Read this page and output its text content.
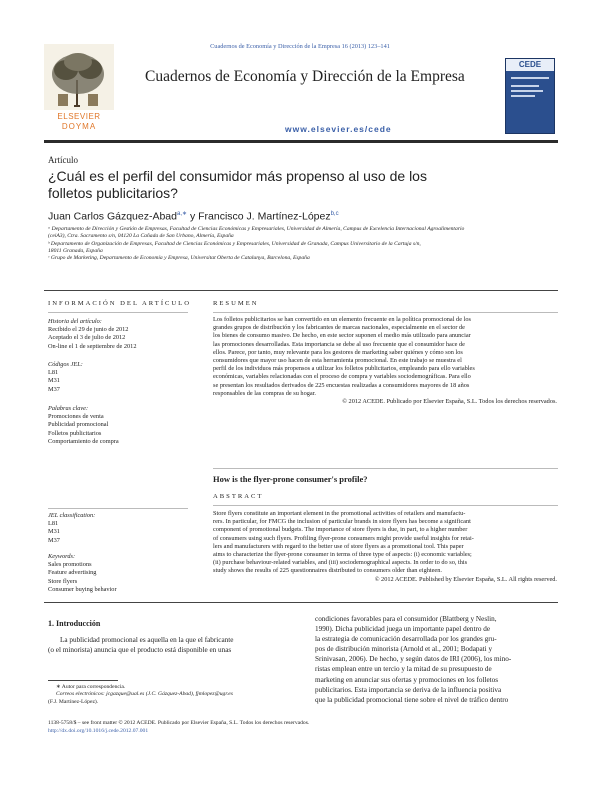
Cuadernos de Economía y Dirección de la Empresa 16 (2013) 123–141
ELSEVIER
DOYMA
Cuadernos de Economía y Dirección de la Empresa
www.elsevier.es/cede
CEDE
Artículo
¿Cuál es el perfil del consumidor más propenso al uso de los
folletos publicitarios?
Juan Carlos Gázquez-Abad$^{a,∗}$ y Francisco J. Martínez-López$^{b,c}$
ᵃ Departamento de Dirección y Gestión de Empresas, Facultad de Ciencias Económicas y Empresariales, Universidad de Almería, Campus de Excelencia Internacional Agroalimentario
(ceiA3), Ctra. Sacramento s/n, 04120 La Cañada de San Urbano, Almería, España
ᵇ Departamento de Organización de Empresas, Facultad de Ciencias Económicas y Empresariales, Universidad de Granada, Campus Universitario de la Cartuja s/n,
18011 Granada, España
ᶜ Grupo de Marketing, Departamento de Economía y Empresa, Universitat Oberta de Catalunya, Barcelona, España
INFORMACIÓN DEL ARTÍCULO
Historia del artículo:
Recibido el 29 de junio de 2012
Aceptado el 3 de julio de 2012
On-line el 1 de septiembre de 2012
Códigos JEL:
L81
M31
M37
Palabras clave:
Promociones de venta
Publicidad promocional
Folletos publicitarios
Comportamiento de compra
RESUMEN
Los folletos publicitarios se han convertido en un elemento frecuente en la política promocional de los
grandes grupos de distribución y los fabricantes de marcas nacionales, especialmente en el sector de
los bienes de consumo masivo. De hecho, en este sector suponen el medio más utilizado para anunciar
las promociones desarrolladas. Esta importancia se debe al uso frecuente que el consumidor hace de
ellos. Parece, por tanto, muy relevante para los gestores de marketing saber quiénes y cómo son los
consumidores que mayor uso hacen de esta herramienta promocional. En este trabajo se muestra el
perfil de los individuos más propensos a utilizar los folletos publicitarios, empleando para ello variables
económicas, variables relacionadas con el proceso de compra y variables sociodemográficas. Para ello
se presentan los resultados derivados de 225 encuestas realizadas a consumidores mayores de 18 años
responsables de las compras de su hogar.
© 2012 ACEDE. Publicado por Elsevier España, S.L. Todos los derechos reservados.
How is the flyer-prone consumer's profile?
ABSTRACT
Store flyers constitute an important element in the promotional activities of retailers and manufactu-
rers. In particular, for FMCG the inclusion of particular brands in store flyers has become a significant
component of promotional budgets. The importance of store flyers is due, in part, to a higher number
of consumers using such flyers. Profiling flyer-prone consumers might provide useful insights for retai-
lers and manufacturers with regard to the better use of store flyers as a promotional tool. This paper
aims to characterize the flyer-prone consumer in terms of three type of aspects: (i) economic variables;
(ii) purchase behaviour-related variables, and (iii) sociodemographical aspects. In order to do so, this
study shows the results of 225 questionnaires distributed to consumers older than eighteen.
© 2012 ACEDE. Published by Elsevier España, S.L. All rights reserved.
JEL classification:
L81
M31
M37
Keywords:
Sales promotions
Feature advertising
Store flyers
Consumer buying behavior
1. Introducción
La publicidad promocional es aquella en la que el fabricante
(o el minorista) anuncia que el producto está disponible en unas
condiciones favorables para el consumidor (Blattberg y Neslin,
1990). Dicha publicidad juega un importante papel dentro de
la estrategia de comunicación desarrollada por los grandes gru-
pos de distribución minorista (Arnold et al., 2001; Bodapati y
Srinivasan, 2006). De hecho, y según datos de IRI (2006), los mino-
ristas emplean entre un tercio y la mitad de su presupuesto de
marketing en anunciar sus ofertas y promociones en los folletos
publicitarios. Esta importancia se deriva de la influencia positiva
que la publicidad promocional tiene sobre el nivel de tráfico dentro
∗ Autor para correspondencia.
Correos electrónicos: jcgazque@ual.es (J.C. Gázquez-Abad), fjmlopez@ugr.es
(F.J. Martínez-López).
1138-5758/$ – see front matter © 2012 ACEDE. Publicado por Elsevier España, S.L. Todos los derechos reservados.
http://dx.doi.org/10.1016/j.cede.2012.07.001
